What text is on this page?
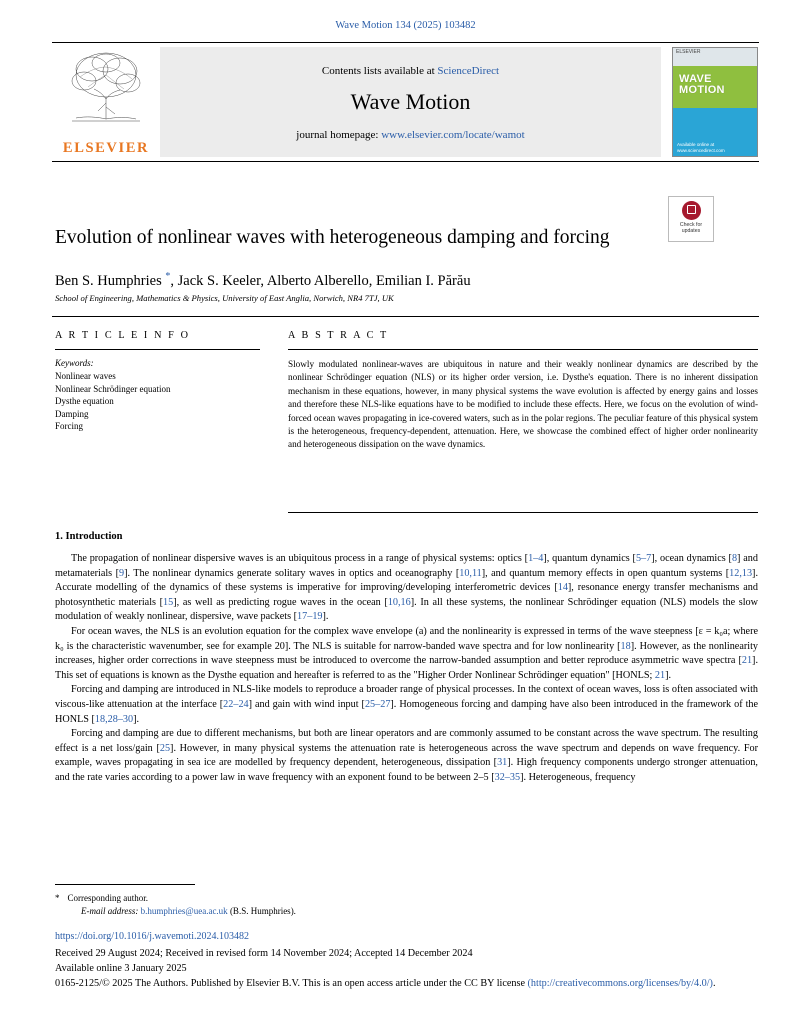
Wave Motion 134 (2025) 103482
ELSEVIER
Contents lists available at ScienceDirect
Wave Motion
journal homepage: www.elsevier.com/locate/wamot
ELSEVIER
WAVE
MOTION
Available online at www.sciencedirect.com
Check for
updates
Evolution of nonlinear waves with heterogeneous damping and forcing
Ben S. Humphries *, Jack S. Keeler, Alberto Alberello, Emilian I. Părău
School of Engineering, Mathematics & Physics, University of East Anglia, Norwich, NR4 7TJ, UK
A R T I C L E I N F O
Keywords:
Nonlinear waves
Nonlinear Schrödinger equation
Dysthe equation
Damping
Forcing
A B S T R A C T
Slowly modulated nonlinear-waves are ubiquitous in nature and their weakly nonlinear dynamics are described by the nonlinear Schrödinger equation (NLS) or its higher order version, i.e. Dysthe's equation. There is no inherent dissipation mechanism in these equations, however, in many physical systems the wave evolution is affected by energy gains and losses and therefore these NLS-like equations have to be modified to include these effects. Here, we focus on the evolution of wind-forced ocean waves propagating in ice-covered waters, such as in the polar regions. The peculiar feature of this physical system is the heterogeneous, frequency-dependent, attenuation. Here, we showcase the combined effect of higher order nonlinearity and heterogeneous dissipation on the wave dynamics.
1. Introduction

The propagation of nonlinear dispersive waves is an ubiquitous process in a range of physical systems: optics [1–4], quantum dynamics [5–7], ocean dynamics [8] and metamaterials [9]. The nonlinear dynamics generate solitary waves in optics and oceanography [10,11], and quantum memory effects in open quantum systems [12,13]. Accurate modelling of the dynamics of these systems is imperative for improving/developing interferometric devices [14], resonance energy transfer mechanisms and photosynthetic materials [15], as well as predicting rogue waves in the ocean [10,16]. In all these systems, the nonlinear Schrödinger equation (NLS) models the slow modulation of weakly nonlinear, dispersive, wave packets [17–19].

For ocean waves, the NLS is an evolution equation for the complex wave envelope (a) and the nonlinearity is expressed in terms of the wave steepness [ε = k₀a; where k₀ is the characteristic wavenumber, see for example 20]. The NLS is suitable for narrow-banded wave spectra and for low nonlinearity [18]. However, as the nonlinearity increases, higher order corrections in wave steepness must be introduced to overcome the narrow-banded assumption and better reproduce asymmetric wave spectra [21]. This set of equations is known as the Dysthe equation and hereafter is referred to as the "Higher Order Nonlinear Schrödinger equation" [HONLS; 21].

Forcing and damping are introduced in NLS-like models to reproduce a broader range of physical processes. In the context of ocean waves, loss is often associated with viscous-like attenuation at the interface [22–24] and gain with wind input [25–27]. Homogeneous forcing and damping have also been introduced in the framework of the HONLS [18,28–30].

Forcing and damping are due to different mechanisms, but both are linear operators and are commonly assumed to be constant across the wave spectrum. The resulting effect is a net loss/gain [25]. However, in many physical systems the attenuation rate is heterogeneous across the wave spectrum and depends on wave frequency. For example, waves propagating in sea ice are modelled by frequency dependent, heterogeneous, dissipation [31]. High frequency components undergo stronger attenuation, and the rate varies according to a power law in wave frequency with an exponent found to be between 2–5 [32–35]. Heterogeneous, frequency

* Corresponding author.
E-mail address: b.humphries@uea.ac.uk (B.S. Humphries).
https://doi.org/10.1016/j.wavemoti.2024.103482
Received 29 August 2024; Received in revised form 14 November 2024; Accepted 14 December 2024
Available online 3 January 2025
0165-2125/© 2025 The Authors. Published by Elsevier B.V. This is an open access article under the CC BY license (http://creativecommons.org/licenses/by/4.0/).
